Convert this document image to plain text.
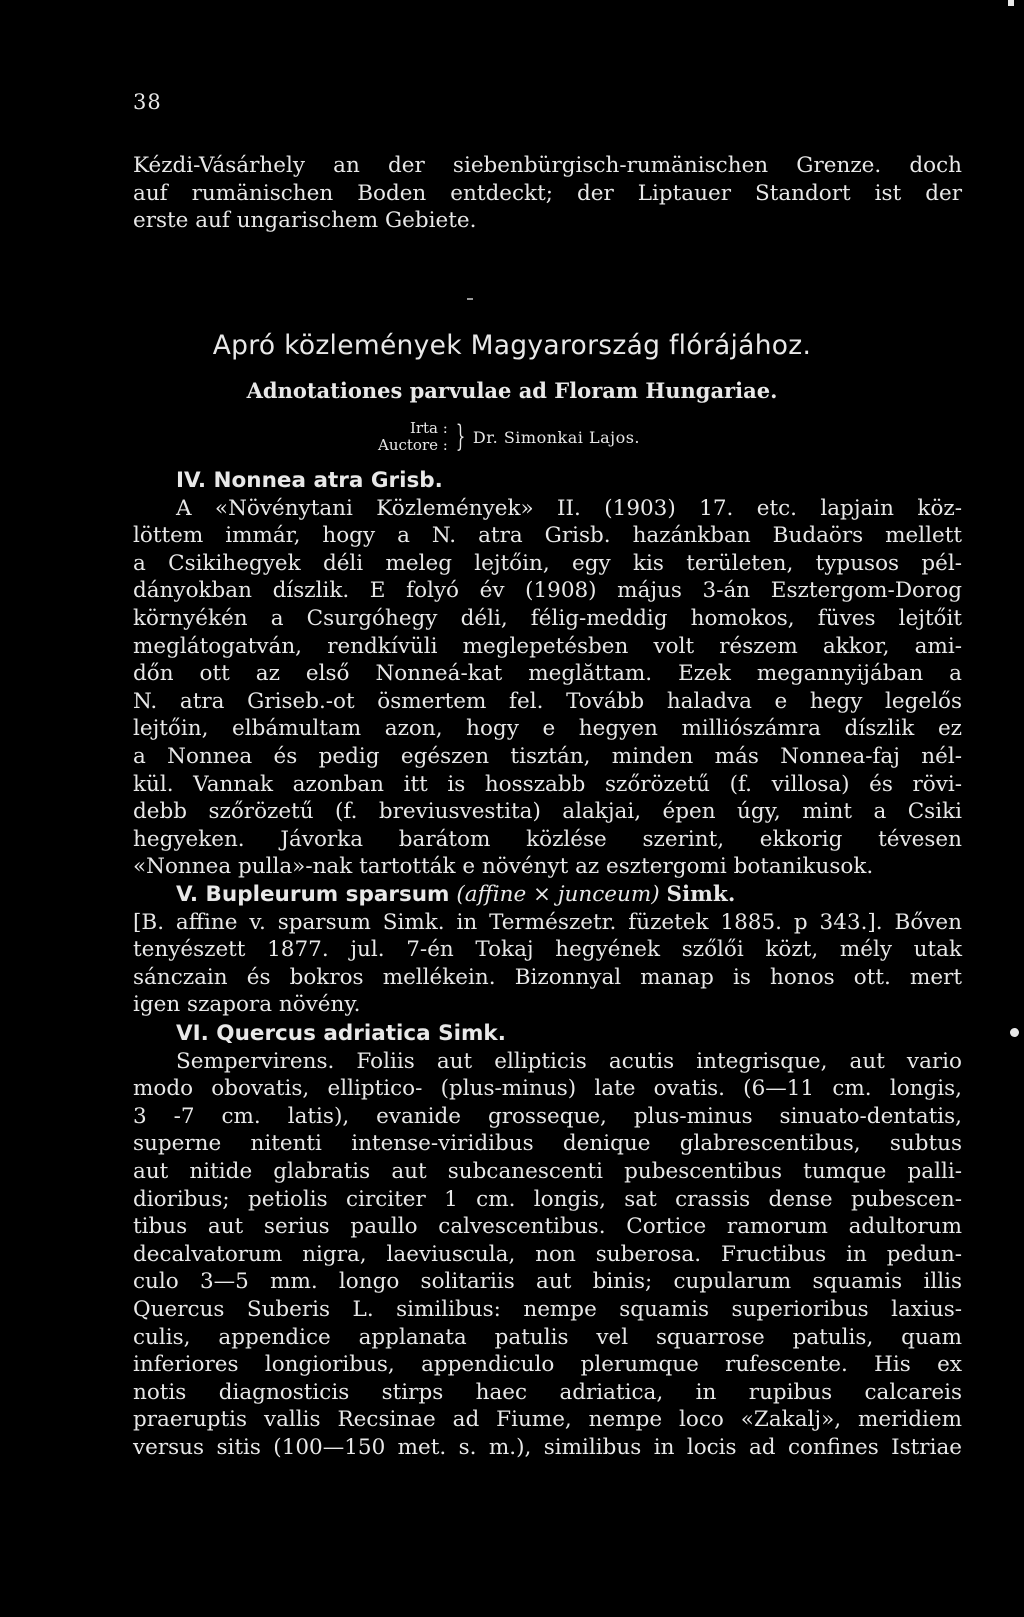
38
Kézdi-Vásárhely an der siebenbürgisch-rumänischen Grenze. doch
auf rumänischen Boden entdeckt; der Liptauer Standort ist der
erste auf ungarischem Gebiete.
Apró közlemények Magyarország flórájához.
Adnotationes parvulae ad Floram Hungariae.
Irta :
Auctore : } Dr. Simonkai Lajos.
IV. Nonnea atra Grisb.
A «Növénytani Közlemények» II. (1903) 17. etc. lapjain köz-
löttem immár, hogy a N. atra Grisb. hazánkban Budaörs mellett
a Csikihegyek déli meleg lejtőin, egy kis területen, typusos pél-
dányokban díszlik. E folyó év (1908) május 3-án Esztergom-Dorog
környékén a Csurgóhegy déli, félig-meddig homokos, füves lejtőit
meglátogatván, rendkívüli meglepetésben volt részem akkor, ami-
dőn ott az első Nonneá-kat meglăttam. Ezek megannyijában a
N. atra Griseb.-ot ösmertem fel. Tovább haladva e hegy legelős
lejtőin, elbámultam azon, hogy e hegyen milliószámra díszlik ez
a Nonnea és pedig egészen tisztán, minden más Nonnea-faj nél-
kül. Vannak azonban itt is hosszabb szőrözetű (f. villosa) és rövi-
debb szőrözetű (f. breviusvestita) alakjai, épen úgy, mint a Csiki
hegyeken. Jávorka barátom közlése szerint, ekkorig tévesen
«Nonnea pulla»-nak tartották e növényt az esztergomi botanikusok.
V. Bupleurum sparsum (affine × junceum) Simk.
[B. affine v. sparsum Simk. in Természetr. füzetek 1885. p 343.]. Bőven
tenyészett 1877. jul. 7-én Tokaj hegyének szőlői közt, mély utak
sánczain és bokros mellékein. Bizonnyal manap is honos ott. mert
igen szapora növény.
VI. Quercus adriatica Simk.
Sempervirens. Foliis aut ellipticis acutis integrisque, aut vario
modo obovatis, elliptico- (plus-minus) late ovatis. (6—11 cm. longis,
3 -7 cm. latis), evanide grosseque, plus-minus sinuato-dentatis,
superne nitenti intense-viridibus denique glabrescentibus, subtus
aut nitide glabratis aut subcanescenti pubescentibus tumque palli-
dioribus; petiolis circiter 1 cm. longis, sat crassis dense pubescen-
tibus aut serius paullo calvescentibus. Cortice ramorum adultorum
decalvatorum nigra, laeviuscula, non suberosa. Fructibus in pedun-
culo 3—5 mm. longo solitariis aut binis; cupularum squamis illis
Quercus Suberis L. similibus: nempe squamis superioribus laxius-
culis, appendice applanata patulis vel squarrose patulis, quam
inferiores longioribus, appendiculo plerumque rufescente. His ex
notis diagnosticis stirps haec adriatica, in rupibus calcareis
praeruptis vallis Recsinae ad Fiume, nempe loco «Zakalj», meridiem
versus sitis (100—150 met. s. m.), similibus in locis ad confines Istriae
